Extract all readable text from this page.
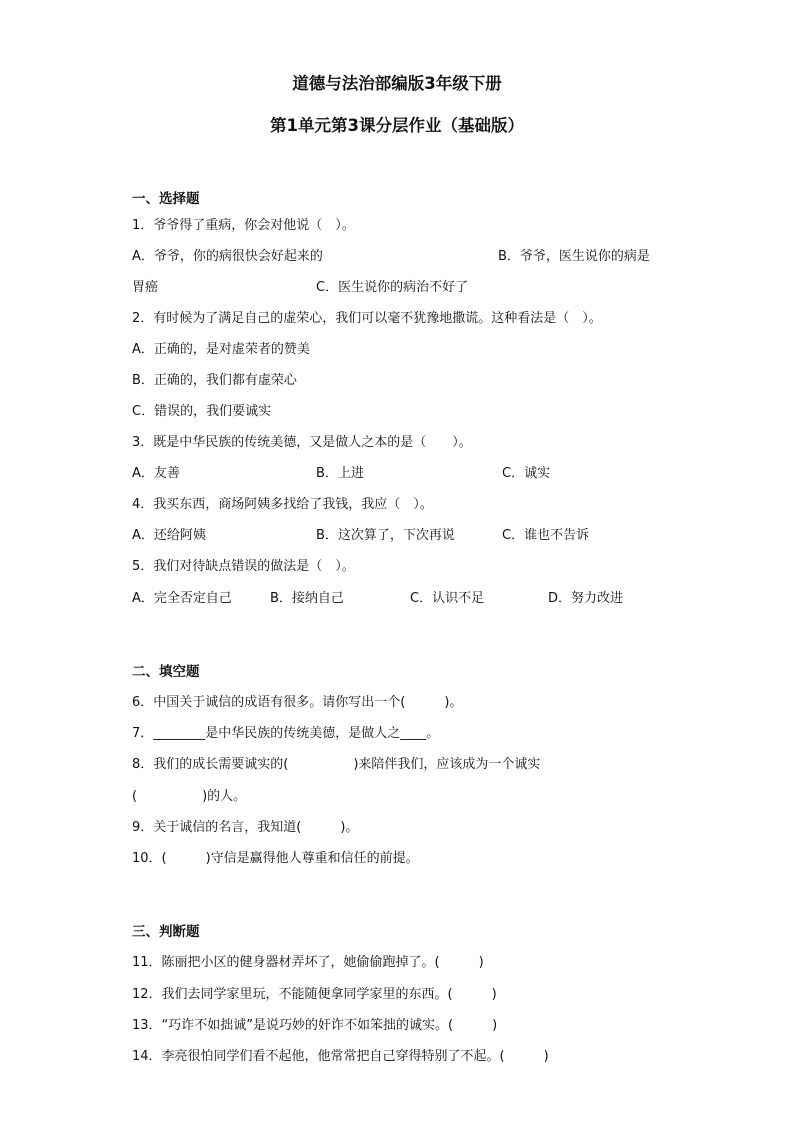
道德与法治部编版3年级下册
第1单元第3课分层作业（基础版）
一、选择题
1．爷爷得了重病，你会对他说（　）。
A．爷爷，你的病很快会好起来的	B．爷爷，医生说你的病是
胃癌	C．医生说你的病治不好了
2．有时候为了满足自己的虚荣心，我们可以毫不犹豫地撒谎。这种看法是（　）。
A．正确的，是对虚荣者的赞美
B．正确的，我们都有虚荣心
C．错误的，我们要诚实
3．既是中华民族的传统美德，又是做人之本的是（　　）。
A．友善	B．上进	C．诚实
4．我买东西，商场阿姨多找给了我钱，我应（　）。
A．还给阿姨	B．这次算了，下次再说	C．谁也不告诉
5．我们对待缺点错误的做法是（　）。
A．完全否定自己	B．接纳自己	C．认识不足	D．努力改进
二、填空题
6．中国关于诚信的成语有很多。请你写出一个(　　　)。
7．________是中华民族的传统美德，是做人之____。
8．我们的成长需要诚实的(　　　　　)来陪伴我们，应该成为一个诚实
(　　　　　)的人。
9．关于诚信的名言，我知道(　　　)。
10．(　　　)守信是赢得他人尊重和信任的前提。
三、判断题
11．陈丽把小区的健身器材弄坏了，她偷偷跑掉了。(　　　)
12．我们去同学家里玩，不能随便拿同学家里的东西。(　　　)
13．“巧诈不如拙诚”是说巧妙的奸诈不如笨拙的诚实。(　　　)
14．李亮很怕同学们看不起他，他常常把自己穿得特别了不起。(　　　)
